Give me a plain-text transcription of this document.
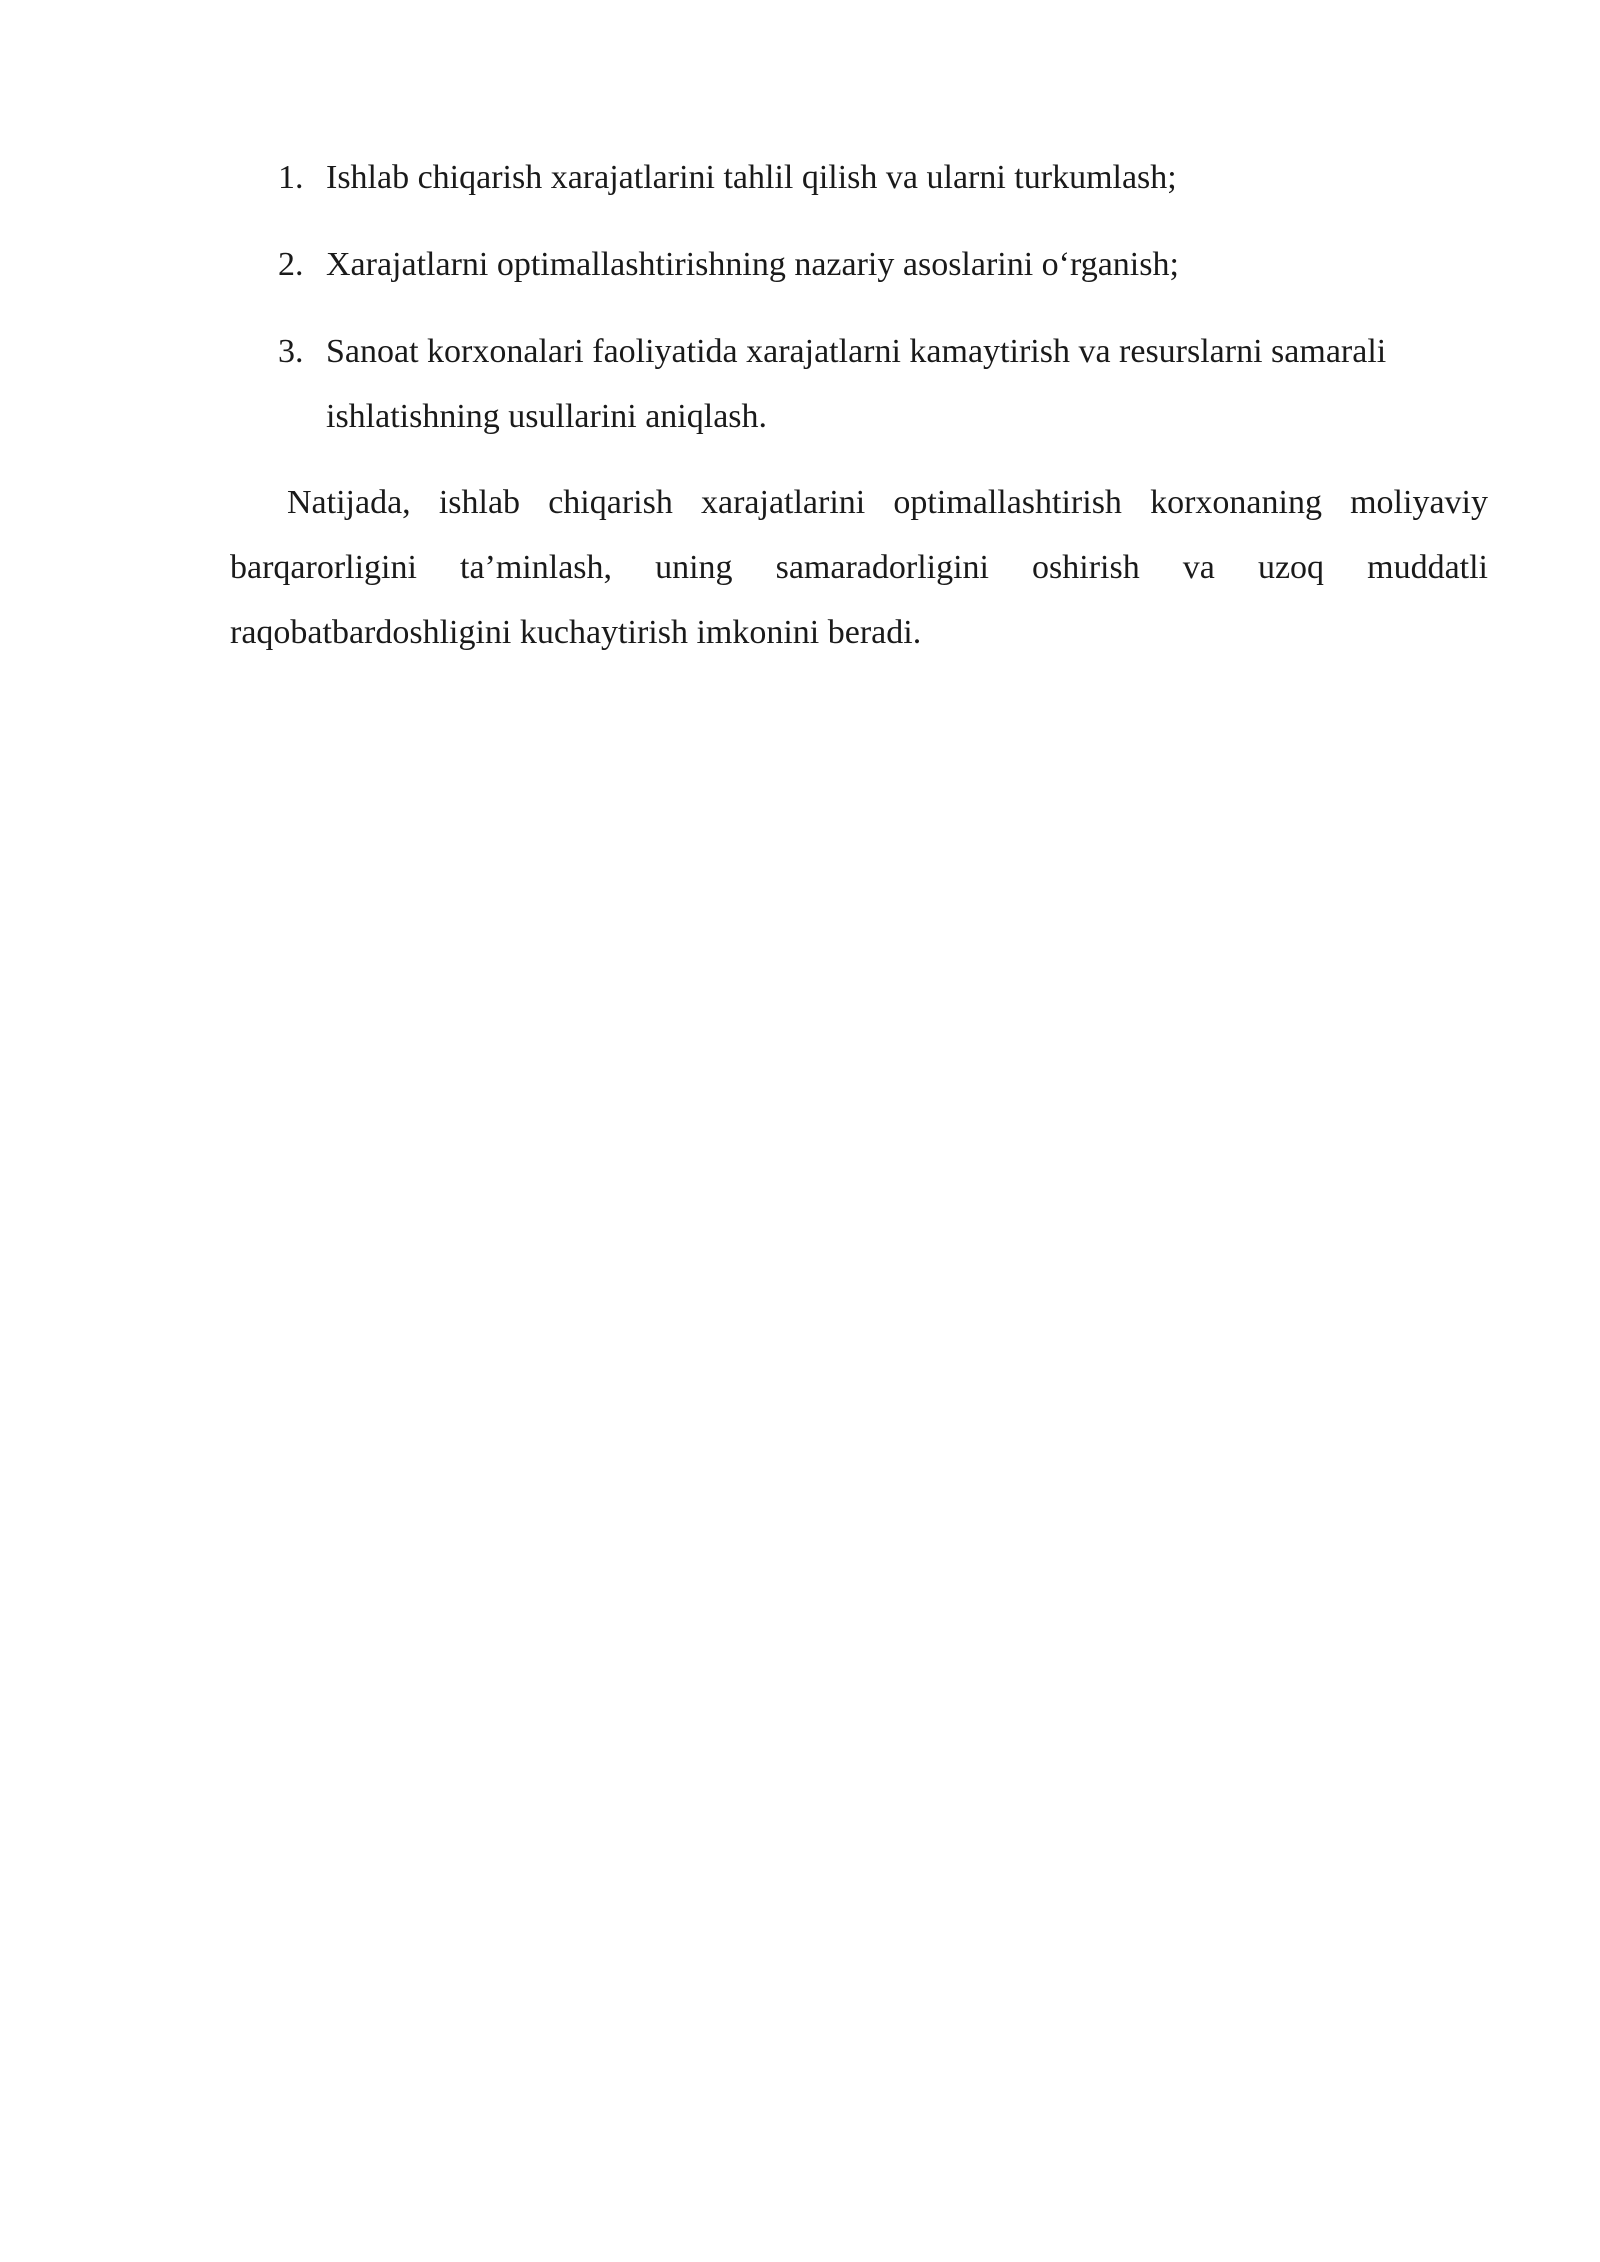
1. Ishlab chiqarish xarajatlarini tahlil qilish va ularni turkumlash;
2. Xarajatlarni optimallashtirishning nazariy asoslarini o‘rganish;
3. Sanoat korxonalari faoliyatida xarajatlarni kamaytirish va resurslarni samarali ishlatishning usullarini aniqlash.

Natijada, ishlab chiqarish xarajatlarini optimallashtirish korxonaning moliyaviy barqarorligini ta’minlash, uning samaradorligini oshirish va uzoq muddatli raqobatbardoshligini kuchaytirish imkonini beradi.
